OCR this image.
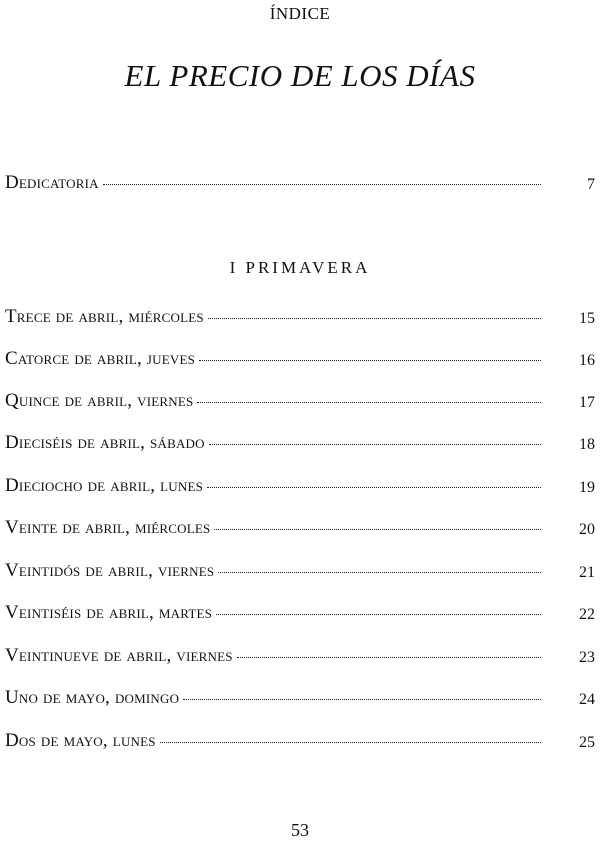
ÍNDICE
EL PRECIO DE LOS DÍAS
Dedicatoria	7
I PRIMAVERA
Trece de abril, miércoles	15
Catorce de abril, jueves	16
Quince de abril, viernes	17
Dieciséis de abril, sábado	18
Dieciocho de abril, lunes	19
Veinte de abril, miércoles	20
Veintidós de abril, viernes	21
Veintiséis de abril, martes	22
Veintinueve de abril, viernes	23
Uno de mayo, domingo	24
Dos de mayo, lunes	25
53
